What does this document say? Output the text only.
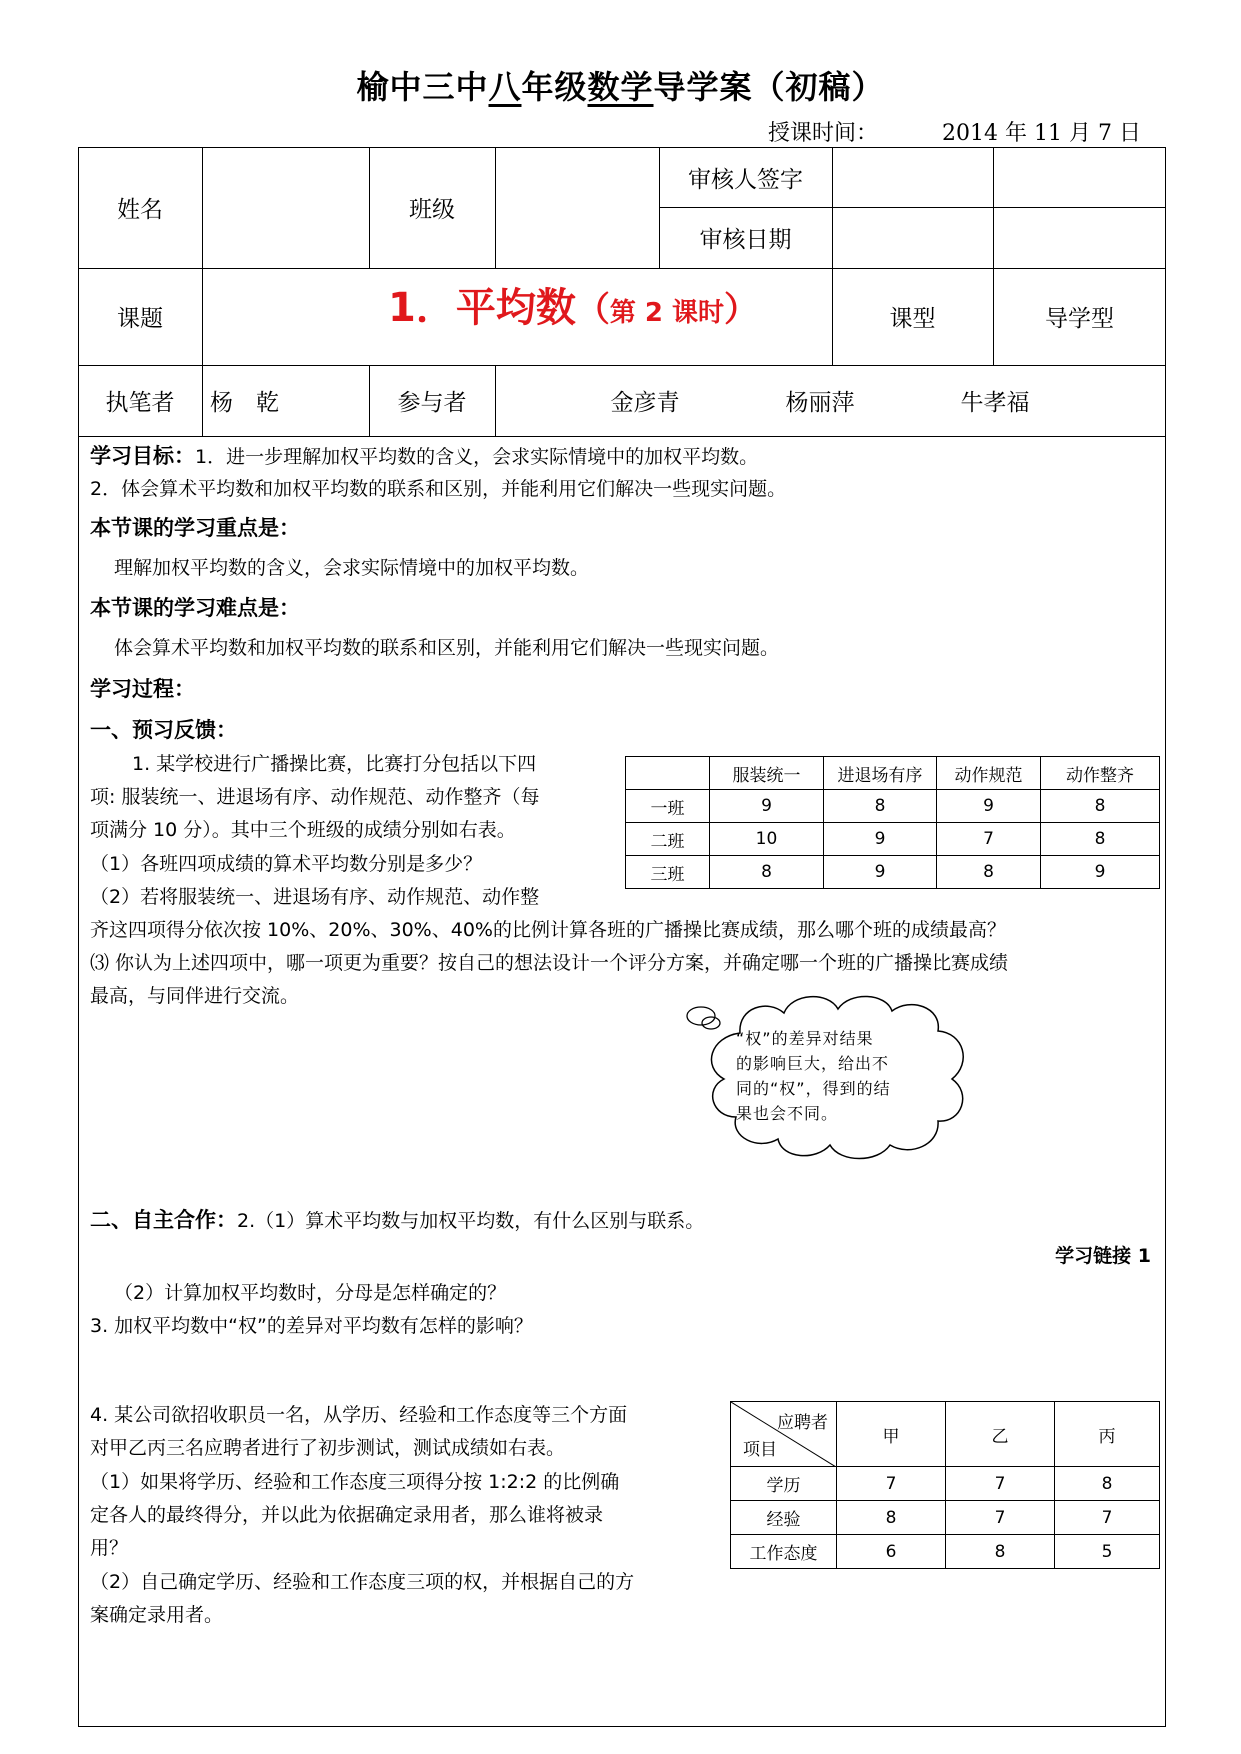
榆中三中八年级数学导学案（初稿）
授课时间：	2014 年 11 月 7 日
姓名	班级
审核人签字
审核日期
课题	1．平均数（第 2 课时）	课型	导学型
执笔者	杨　乾	参与者	金彦青	杨丽萍	牛孝福
学习目标：1．进一步理解加权平均数的含义，会求实际情境中的加权平均数。
2．体会算术平均数和加权平均数的联系和区别，并能利用它们解决一些现实问题。
本节课的学习重点是：
理解加权平均数的含义，会求实际情境中的加权平均数。
本节课的学习难点是：
体会算术平均数和加权平均数的联系和区别，并能利用它们解决一些现实问题。
学习过程：
一、预习反馈：
1. 某学校进行广播操比赛，比赛打分包括以下四
项: 服装统一、进退场有序、动作规范、动作整齐（每
项满分 10 分）。其中三个班级的成绩分别如右表。
（1）各班四项成绩的算术平均数分别是多少？
（2）若将服装统一、进退场有序、动作规范、动作整
齐这四项得分依次按 10%、20%、30%、40%的比例计算各班的广播操比赛成绩，那么哪个班的成绩最高？
⑶ 你认为上述四项中，哪一项更为重要？按自己的想法设计一个评分方案，并确定哪一个班的广播操比赛成绩
最高，与同伴进行交流。
	服装统一	进退场有序	动作规范	动作整齐
一班	9	8	9	8
二班	10	9	7	8
三班	8	9	8	9
“权”的差异对结果
的影响巨大，给出不
同的“权”，得到的结
果也会不同。
二、自主合作：2.（1）算术平均数与加权平均数，有什么区别与联系。
学习链接 1
（2）计算加权平均数时，分母是怎样确定的？
3. 加权平均数中“权”的差异对平均数有怎样的影响？
4. 某公司欲招收职员一名，从学历、经验和工作态度等三个方面
对甲乙丙三名应聘者进行了初步测试，测试成绩如右表。
（1）如果将学历、经验和工作态度三项得分按 1:2:2 的比例确
定各人的最终得分，并以此为依据确定录用者，那么谁将被录
用？
（2）自己确定学历、经验和工作态度三项的权，并根据自己的方
案确定录用者。
应聘者
项目	甲	乙	丙
学历	7	7	8
经验	8	7	7
工作态度	6	8	5
